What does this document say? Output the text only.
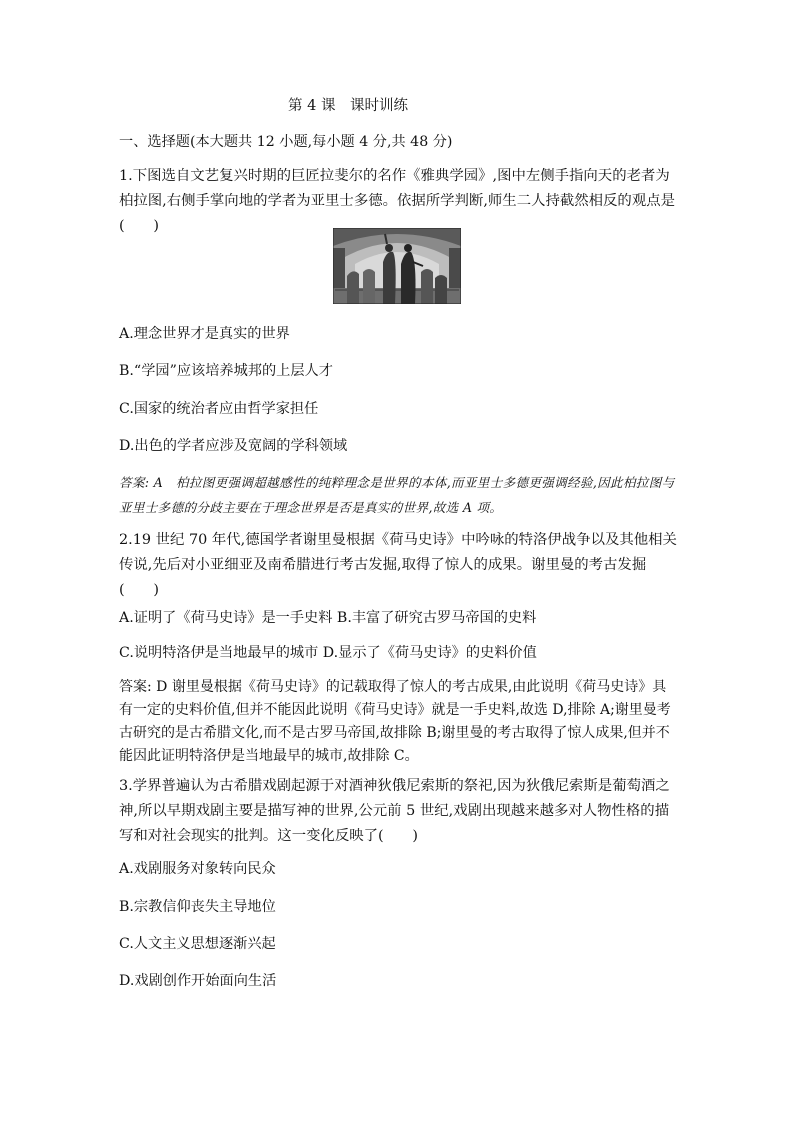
第 4 课　课时训练
一、选择题(本大题共 12 小题,每小题 4 分,共 48 分)
1.下图选自文艺复兴时期的巨匠拉斐尔的名作《雅典学园》,图中左侧手指向天的老者为柏拉图,右侧手掌向地的学者为亚里士多德。依据所学判断,师生二人持截然相反的观点是(　　)
A.理念世界才是真实的世界
B.“学园”应该培养城邦的上层人才
C.国家的统治者应由哲学家担任
D.出色的学者应涉及宽阔的学科领域
答案: A　柏拉图更强调超越感性的纯粹理念是世界的本体,而亚里士多德更强调经验,因此柏拉图与亚里士多德的分歧主要在于理念世界是否是真实的世界,故选 A 项。
2.19 世纪 70 年代,德国学者谢里曼根据《荷马史诗》中吟咏的特洛伊战争以及其他相关传说,先后对小亚细亚及南希腊进行考古发掘,取得了惊人的成果。谢里曼的考古发掘(　　)
A.证明了《荷马史诗》是一手史料 B.丰富了研究古罗马帝国的史料
C.说明特洛伊是当地最早的城市 D.显示了《荷马史诗》的史料价值
答案: D 谢里曼根据《荷马史诗》的记载取得了惊人的考古成果,由此说明《荷马史诗》具有一定的史料价值,但并不能因此说明《荷马史诗》就是一手史料,故选 D,排除 A;谢里曼考古研究的是古希腊文化,而不是古罗马帝国,故排除 B;谢里曼的考古取得了惊人成果,但并不能因此证明特洛伊是当地最早的城市,故排除 C。
3.学界普遍认为古希腊戏剧起源于对酒神狄俄尼索斯的祭祀,因为狄俄尼索斯是葡萄酒之神,所以早期戏剧主要是描写神的世界,公元前 5 世纪,戏剧出现越来越多对人物性格的描写和对社会现实的批判。这一变化反映了(　　)
A.戏剧服务对象转向民众
B.宗教信仰丧失主导地位
C.人文主义思想逐渐兴起
D.戏剧创作开始面向生活
